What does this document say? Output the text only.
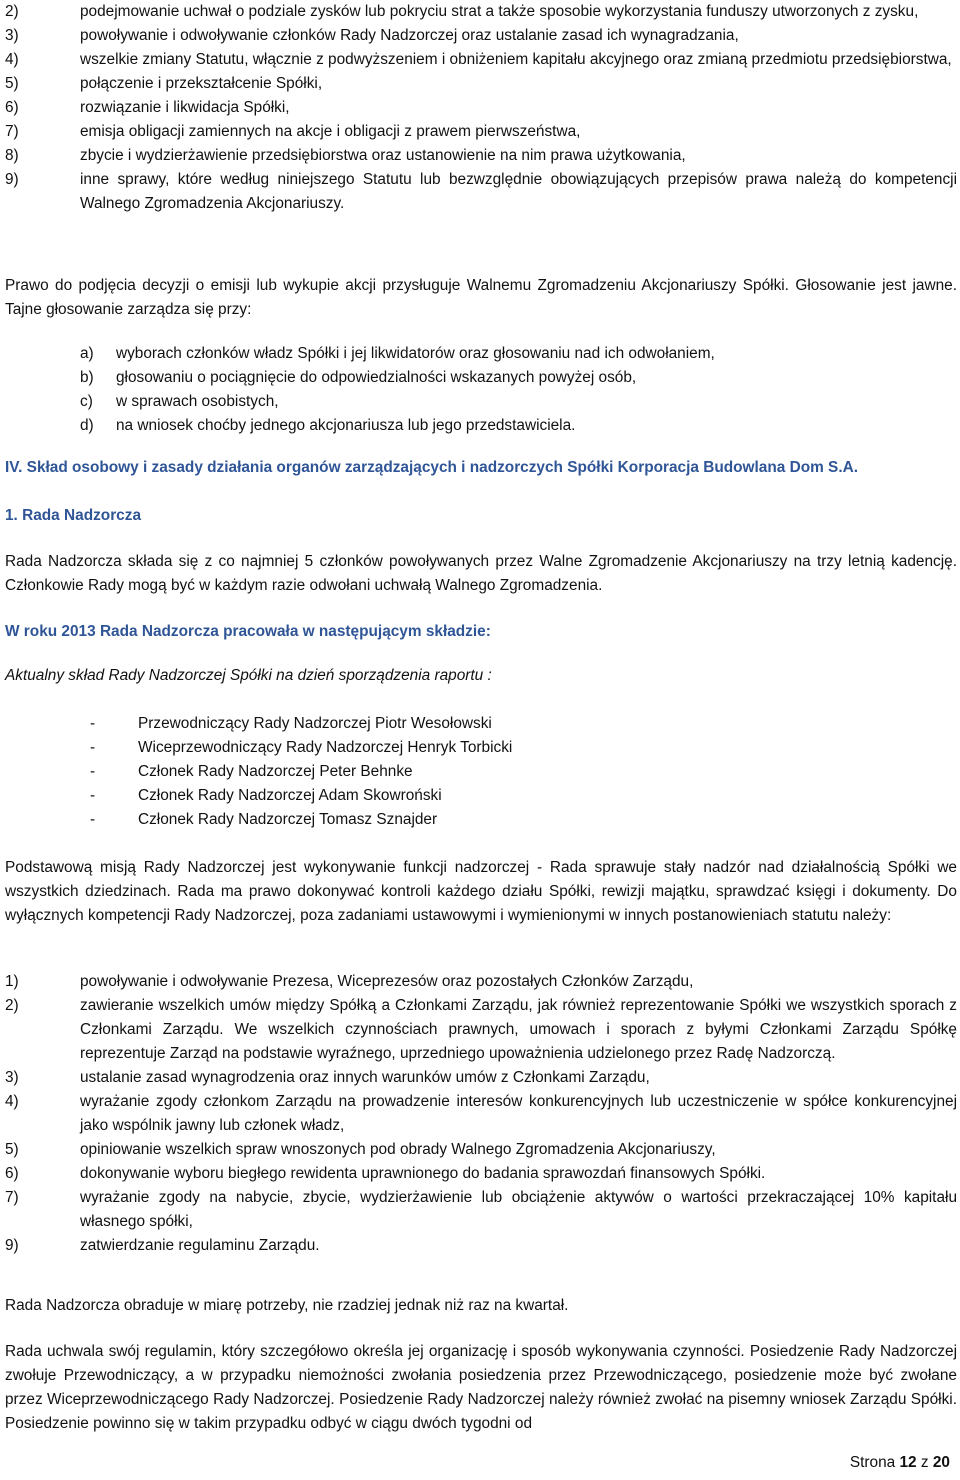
2)	podejmowanie uchwał o podziale zysków lub pokryciu strat a także sposobie wykorzystania funduszy utworzonych z zysku,
3)	powoływanie i odwoływanie członków Rady Nadzorczej oraz ustalanie zasad ich wynagradzania,
4)	wszelkie zmiany Statutu, włącznie z podwyższeniem i obniżeniem kapitału akcyjnego oraz zmianą przedmiotu przedsiębiorstwa,
5)	połączenie i przekształcenie Spółki,
6)	rozwiązanie i likwidacja Spółki,
7)	emisja obligacji zamiennych na akcje i obligacji z prawem pierwszeństwa,
8)	zbycie i wydzierżawienie przedsiębiorstwa oraz ustanowienie na nim prawa użytkowania,
9)	inne sprawy, które według niniejszego Statutu lub bezwzględnie obowiązujących przepisów prawa należą do kompetencji Walnego Zgromadzenia Akcjonariuszy.

Prawo do podjęcia decyzji o emisji lub wykupie akcji przysługuje Walnemu Zgromadzeniu Akcjonariuszy Spółki. Głosowanie jest jawne. Tajne głosowanie zarządza się przy:

a) wyborach członków władz Spółki i jej likwidatorów oraz głosowaniu nad ich odwołaniem,
b) głosowaniu o pociągnięcie do odpowiedzialności wskazanych powyżej osób,
c) w sprawach osobistych,
d) na wniosek choćby jednego akcjonariusza lub jego przedstawiciela.

IV. Skład osobowy i zasady działania organów zarządzających i nadzorczych Spółki Korporacja Budowlana Dom S.A.

1. Rada Nadzorcza

Rada Nadzorcza składa się z co najmniej 5 członków powoływanych przez Walne Zgromadzenie Akcjonariuszy na trzy letnią kadencję. Członkowie Rady mogą być w każdym razie odwołani uchwałą Walnego Zgromadzenia.

W roku 2013 Rada Nadzorcza pracowała w następującym składzie:

Aktualny skład Rady Nadzorczej Spółki na dzień sporządzenia raportu :

-	Przewodniczący Rady Nadzorczej Piotr Wesołowski
-	Wiceprzewodniczący Rady Nadzorczej Henryk Torbicki
-	Członek Rady Nadzorczej Peter Behnke
-	Członek Rady Nadzorczej Adam Skowroński
-	Członek Rady Nadzorczej Tomasz Sznajder

Podstawową misją Rady Nadzorczej jest wykonywanie funkcji nadzorczej - Rada sprawuje stały nadzór nad działalnością Spółki we wszystkich dziedzinach. Rada ma prawo dokonywać kontroli każdego działu Spółki, rewizji majątku, sprawdzać księgi i dokumenty. Do wyłącznych kompetencji Rady Nadzorczej, poza zadaniami ustawowymi i wymienionymi w innych postanowieniach statutu należy:

1)	powoływanie i odwoływanie Prezesa, Wiceprezesów oraz pozostałych Członków Zarządu,
2)	zawieranie wszelkich umów między Spółką a Członkami Zarządu, jak również reprezentowanie Spółki we wszystkich sporach z Członkami Zarządu. We wszelkich czynnościach prawnych, umowach i sporach z byłymi Członkami Zarządu Spółkę reprezentuje Zarząd na podstawie wyraźnego, uprzedniego upoważnienia udzielonego przez Radę Nadzorczą.
3)	ustalanie zasad wynagrodzenia oraz innych warunków umów z Członkami Zarządu,
4)	wyrażanie zgody członkom Zarządu na prowadzenie interesów konkurencyjnych lub uczestniczenie w spółce konkurencyjnej jako wspólnik jawny lub członek władz,
5)	opiniowanie wszelkich spraw wnoszonych pod obrady Walnego Zgromadzenia Akcjonariuszy,
6)	dokonywanie wyboru biegłego rewidenta uprawnionego do badania sprawozdań finansowych Spółki.
7)	wyrażanie zgody na nabycie, zbycie, wydzierżawienie lub obciążenie aktywów o wartości przekraczającej 10% kapitału własnego spółki,
9)	zatwierdzanie regulaminu Zarządu.

Rada Nadzorcza obraduje w miarę potrzeby, nie rzadziej jednak niż raz na kwartał.

Rada uchwala swój regulamin, który szczegółowo określa jej organizację i sposób wykonywania czynności. Posiedzenie Rady Nadzorczej zwołuje Przewodniczący, a w przypadku niemożności zwołania posiedzenia przez Przewodniczącego, posiedzenie może być zwołane przez Wiceprzewodniczącego Rady Nadzorczej. Posiedzenie Rady Nadzorczej należy również zwołać na pisemny wniosek Zarządu Spółki. Posiedzenie powinno się w takim przypadku odbyć w ciągu dwóch tygodni od

Strona 12 z 20
